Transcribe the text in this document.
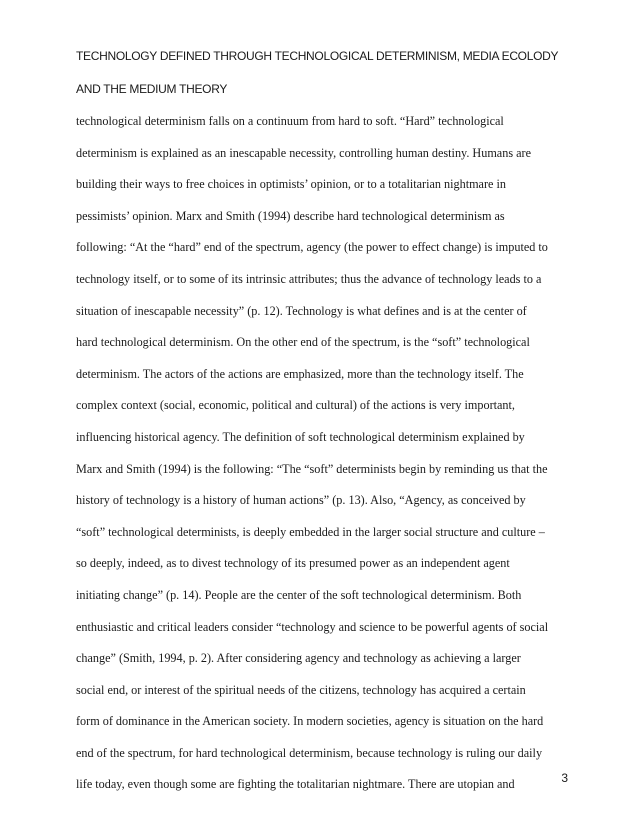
TECHNOLOGY DEFINED THROUGH TECHNOLOGICAL DETERMINISM, MEDIA ECOLODY
AND THE MEDIUM THEORY
technological determinism falls on a continuum from hard to soft. “Hard” technological
determinism is explained as an inescapable necessity, controlling human destiny. Humans are
building their ways to free choices in optimists’ opinion, or to a totalitarian nightmare in
pessimists’ opinion. Marx and Smith (1994) describe hard technological determinism as
following: “At the “hard” end of the spectrum, agency (the power to effect change) is imputed to
technology itself, or to some of its intrinsic attributes; thus the advance of technology leads to a
situation of inescapable necessity” (p. 12). Technology is what defines and is at the center of
hard technological determinism. On the other end of the spectrum, is the “soft” technological
determinism. The actors of the actions are emphasized, more than the technology itself. The
complex context (social, economic, political and cultural) of the actions is very important,
influencing historical agency. The definition of soft technological determinism explained by
Marx and Smith (1994) is the following: “The “soft” determinists begin by reminding us that the
history of technology is a history of human actions” (p. 13). Also, “Agency, as conceived by
“soft” technological determinists, is deeply embedded in the larger social structure and culture –
so deeply, indeed, as to divest technology of its presumed power as an independent agent
initiating change” (p. 14). People are the center of the soft technological determinism. Both
enthusiastic and critical leaders consider “technology and science to be powerful agents of social
change” (Smith, 1994, p. 2). After considering agency and technology as achieving a larger
social end, or interest of the spiritual needs of the citizens, technology has acquired a certain
form of dominance in the American society. In modern societies, agency is situation on the hard
end of the spectrum, for hard technological determinism, because technology is ruling our daily
life today, even though some are fighting the totalitarian nightmare. There are utopian and	3
